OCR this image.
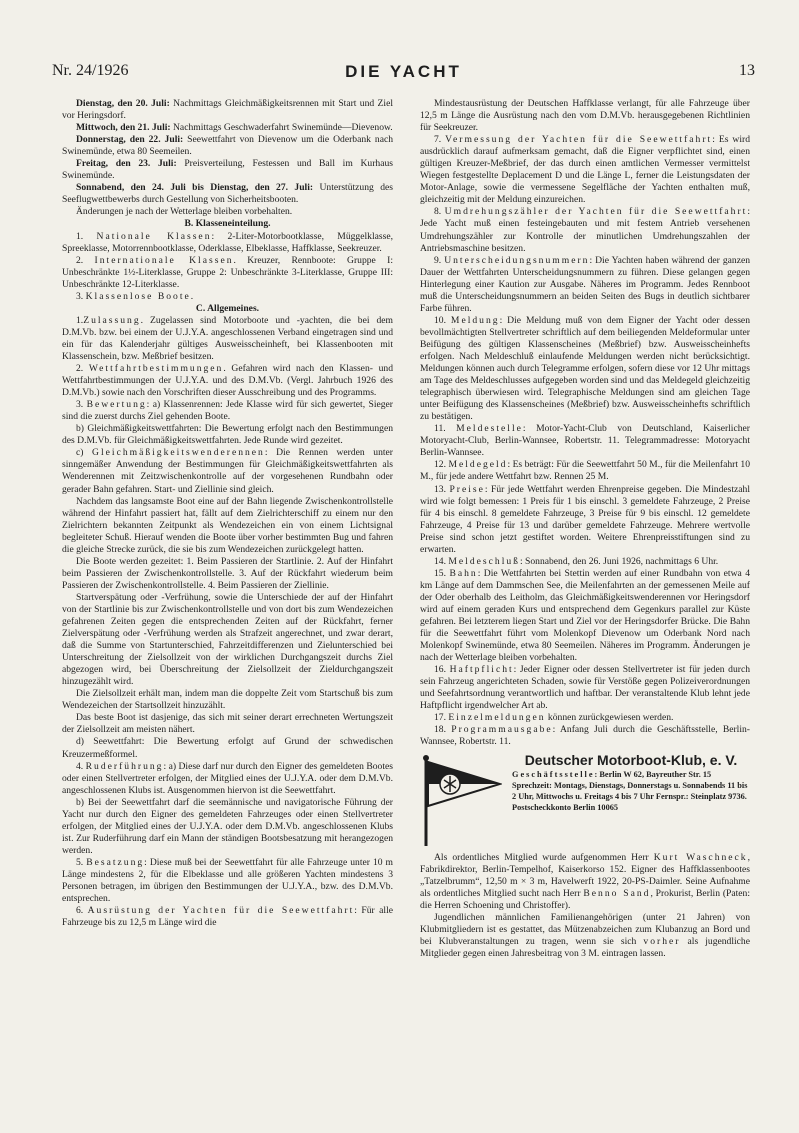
Nr. 24/1926	DIE YACHT	13

Dienstag, den 20. Juli: Nachmittags Gleichmäßigkeitsrennen mit Start und Ziel vor Heringsdorf.

Mittwoch, den 21. Juli: Nachmittags Geschwaderfahrt Swinemünde—Dievenow.

Donnerstag, den 22. Juli: Seewettfahrt von Dievenow um die Oderbank nach Swinemünde, etwa 80 Seemeilen.

Freitag, den 23. Juli: Preisverteilung, Festessen und Ball im Kurhaus Swinemünde.

Sonnabend, den 24. Juli bis Dienstag, den 27. Juli: Unterstützung des Seeflugwettbewerbs durch Gestellung von Sicherheitsbooten.

Änderungen je nach der Wetterlage bleiben vorbehalten.

B. Klasseneinteilung.

1. Nationale Klassen: 2-Liter-Motorbootklasse, Müggelklasse, Spreeklasse, Motorrennbootklasse, Oderklasse, Elbeklasse, Haffklasse, Seekreuzer.

2. Internationale Klassen. Kreuzer, Rennboote: Gruppe I: Unbeschränkte 1½-Literklasse, Gruppe 2: Unbeschränkte 3-Literklasse, Gruppe III: Unbeschränkte 12-Literklasse.

3. Klassenlose Boote.

C. Allgemeines.

1.Zulassung. Zugelassen sind Motorboote und -yachten, die bei dem D.M.Vb. bzw. bei einem der U.J.Y.A. angeschlossenen Verband eingetragen sind und ein für das Kalenderjahr gültiges Ausweisscheinheft, bei Klassenbooten mit Klassenschein, bzw. Meßbrief besitzen.

2. Wettfahrtbestimmungen. Gefahren wird nach den Klassen- und Wettfahrtbestimmungen der U.J.Y.A. und des D.M.Vb. (Vergl. Jahrbuch 1926 des D.M.Vb.) sowie nach den Vorschriften dieser Ausschreibung und des Programms.

3. Bewertung: a) Klassenrennen: Jede Klasse wird für sich gewertet, Sieger sind die zuerst durchs Ziel gehenden Boote.

b) Gleichmäßigkeitswettfahrten: Die Bewertung erfolgt nach den Bestimmungen des D.M.Vb. für Gleichmäßigkeitswettfahrten. Jede Runde wird gezeitet.

c) Gleichmäßigkeitswenderennen: Die Rennen werden unter sinngemäßer Anwendung der Bestimmungen für Gleichmäßigkeitswettfahrten als Wenderennen mit Zeitzwischenkontrolle auf der vorgesehenen Rundbahn oder gerader Bahn gefahren. Start- und Ziellinie sind gleich.

Nachdem das langsamste Boot eine auf der Bahn liegende Zwischenkontrollstelle während der Hinfahrt passiert hat, fällt auf dem Zielrichterschiff zu einem nur den Zielrichtern bekannten Zeitpunkt als Wendezeichen ein von einem Lichtsignal begleiteter Schuß. Hierauf wenden die Boote über vorher bestimmten Bug und fahren die gleiche Strecke zurück, die sie bis zum Wendezeichen zurückgelegt hatten.

Die Boote werden gezeitet: 1. Beim Passieren der Startlinie. 2. Auf der Hinfahrt beim Passieren der Zwischenkontrollstelle. 3. Auf der Rückfahrt wiederum beim Passieren der Zwischenkontrollstelle. 4. Beim Passieren der Ziellinie.

Startverspätung oder -Verfrühung, sowie die Unterschiede der auf der Hinfahrt von der Startlinie bis zur Zwischenkontrollstelle und von dort bis zum Wendezeichen gefahrenen Zeiten gegen die entsprechenden Zeiten auf der Rückfahrt, ferner Zielverspätung oder -Verfrühung werden als Strafzeit angerechnet, und zwar derart, daß die Summe von Startunterschied, Fahrzeitdifferenzen und Zielunterschied bei Unterschreitung der Zielsollzeit von der wirklichen Durchgangszeit durchs Ziel abgezogen wird, bei Überschreitung der Zielsollzeit der Zieldurchgangszeit hinzugezählt wird.

Die Zielsollzeit erhält man, indem man die doppelte Zeit vom Startschuß bis zum Wendezeichen der Startsollzeit hinzuzählt.

Das beste Boot ist dasjenige, das sich mit seiner derart errechneten Wertungszeit der Zielsollzeit am meisten nähert.

d) Seewettfahrt: Die Bewertung erfolgt auf Grund der schwedischen Kreuzermeßformel.

4. Ruderführung: a) Diese darf nur durch den Eigner des gemeldeten Bootes oder einen Stellvertreter erfolgen, der Mitglied eines der U.J.Y.A. oder dem D.M.Vb. angeschlossenen Klubs ist. Ausgenommen hiervon ist die Seewettfahrt.

b) Bei der Seewettfahrt darf die seemännische und navigatorische Führung der Yacht nur durch den Eigner des gemeldeten Fahrzeuges oder einen Stellvertreter erfolgen, der Mitglied eines der U.J.Y.A. oder dem D.M.Vb. angeschlossenen Klubs ist. Zur Ruderführung darf ein Mann der ständigen Bootsbesatzung mit herangezogen werden.

5. Besatzung: Diese muß bei der Seewettfahrt für alle Fahrzeuge unter 10 m Länge mindestens 2, für die Elbeklasse und alle größeren Yachten mindestens 3 Personen betragen, im übrigen den Bestimmungen der U.J.Y.A., bzw. des D.M.Vb. entsprechen.

6. Ausrüstung der Yachten für die Seewettfahrt: Für alle Fahrzeuge bis zu 12,5 m Länge wird die

Mindestausrüstung der Deutschen Haffklasse verlangt, für alle Fahrzeuge über 12,5 m Länge die Ausrüstung nach den vom D.M.Vb. herausgegebenen Richtlinien für Seekreuzer.

7. Vermessung der Yachten für die Seewettfahrt: Es wird ausdrücklich darauf aufmerksam gemacht, daß die Eigner verpflichtet sind, einen gültigen Kreuzer-Meßbrief, der das durch einen amtlichen Vermesser vermittelst Wiegen festgestellte Deplacement D und die Länge L, ferner die Leistungsdaten der Motor-Anlage, sowie die vermessene Segelfläche der Yachten enthalten muß, gleichzeitig mit der Meldung einzureichen.

8. Umdrehungszähler der Yachten für die Seewettfahrt: Jede Yacht muß einen festeingebauten und mit festem Antrieb versehenen Umdrehungszähler zur Kontrolle der minutlichen Umdrehungszahlen der Antriebsmaschine besitzen.

9. Unterscheidungsnummern: Die Yachten haben während der ganzen Dauer der Wettfahrten Unterscheidungsnummern zu führen. Diese gelangen gegen Hinterlegung einer Kaution zur Ausgabe. Näheres im Programm. Jedes Rennboot muß die Unterscheidungsnummern an beiden Seiten des Bugs in deutlich sichtbarer Farbe führen.

10. Meldung: Die Meldung muß von dem Eigner der Yacht oder dessen bevollmächtigten Stellvertreter schriftlich auf dem beiliegenden Meldeformular unter Beifügung des gültigen Klassenscheines (Meßbrief) bzw. Ausweisscheinhefts erfolgen. Nach Meldeschluß einlaufende Meldungen werden nicht berücksichtigt. Meldungen können auch durch Telegramme erfolgen, sofern diese vor 12 Uhr mittags am Tage des Meldeschlusses aufgegeben worden sind und das Meldegeld gleichzeitig telegraphisch überwiesen wird. Telegraphische Meldungen sind am gleichen Tage unter Beifügung des Klassenscheines (Meßbrief) bzw. Ausweisscheinhefts schriftlich zu bestätigen.

11. Meldestelle: Motor-Yacht-Club von Deutschland, Kaiserlicher Motoryacht-Club, Berlin-Wannsee, Robertstr. 11. Telegrammadresse: Motoryacht Berlin-Wannsee.

12. Meldegeld: Es beträgt: Für die Seewettfahrt 50 M., für die Meilenfahrt 10 M., für jede andere Wettfahrt bzw. Rennen 25 M.

13. Preise: Für jede Wettfahrt werden Ehrenpreise gegeben. Die Mindestzahl wird wie folgt bemessen: 1 Preis für 1 bis einschl. 3 gemeldete Fahrzeuge, 2 Preise für 4 bis einschl. 8 gemeldete Fahrzeuge, 3 Preise für 9 bis einschl. 12 gemeldete Fahrzeuge, 4 Preise für 13 und darüber gemeldete Fahrzeuge. Mehrere wertvolle Preise sind schon jetzt gestiftet worden. Weitere Ehrenpreisstiftungen sind zu erwarten.

14. Meldeschluß: Sonnabend, den 26. Juni 1926, nachmittags 6 Uhr.

15. Bahn: Die Wettfahrten bei Stettin werden auf einer Rundbahn von etwa 4 km Länge auf dem Dammschen See, die Meilenfahrten an der gemessenen Meile auf der Oder oberhalb des Leitholm, das Gleichmäßigkeitswenderennen vor Heringsdorf wird auf einem geraden Kurs und entsprechend dem Gegenkurs parallel zur Küste gefahren. Bei letzterem liegen Start und Ziel vor der Heringsdorfer Brücke. Die Bahn für die Seewettfahrt führt vom Molenkopf Dievenow um Oderbank Nord nach Molenkopf Swinemünde, etwa 80 Seemeilen. Näheres im Programm. Änderungen je nach der Wetterlage bleiben vorbehalten.

16. Haftpflicht: Jeder Eigner oder dessen Stellvertreter ist für jeden durch sein Fahrzeug angerichteten Schaden, sowie für Verstöße gegen Polizeiverordnungen und Seefahrtsordnung verantwortlich und haftbar. Der veranstaltende Klub lehnt jede Haftpflicht irgendwelcher Art ab.

17. Einzelmeldungen können zurückgewiesen werden.

18. Programmausgabe: Anfang Juli durch die Geschäftsstelle, Berlin-Wannsee, Robertstr. 11.

Deutscher Motorboot-Klub, e. V.
Geschäftsstelle: Berlin W 62, Bayreuther Str. 15 Sprechzeit: Montags, Dienstags, Donnerstags u. Sonnabends 11 bis 2 Uhr, Mittwochs u. Freitags 4 bis 7 Uhr Fernspr.: Steinplatz 9736. Postscheckkonto Berlin 10065

Als ordentliches Mitglied wurde aufgenommen Herr Kurt Waschneck, Fabrikdirektor, Berlin-Tempelhof, Kaiserkorso 152. Eigner des Haffklassenbootes „Tatzelbrumm“, 12,50 m × 3 m, Havelwerft 1922, 20-PS-Daimler. Seine Aufnahme als ordentliches Mitglied sucht nach Herr Benno Sand, Prokurist, Berlin (Paten: die Herren Schoening und Christoffer).

Jugendlichen männlichen Familienangehörigen (unter 21 Jahren) von Klubmitgliedern ist es gestattet, das Mützenabzeichen zum Klubanzug an Bord und bei Klubveranstaltungen zu tragen, wenn sie sich vorher als jugendliche Mitglieder gegen einen Jahresbeitrag von 3 M. eintragen lassen.
